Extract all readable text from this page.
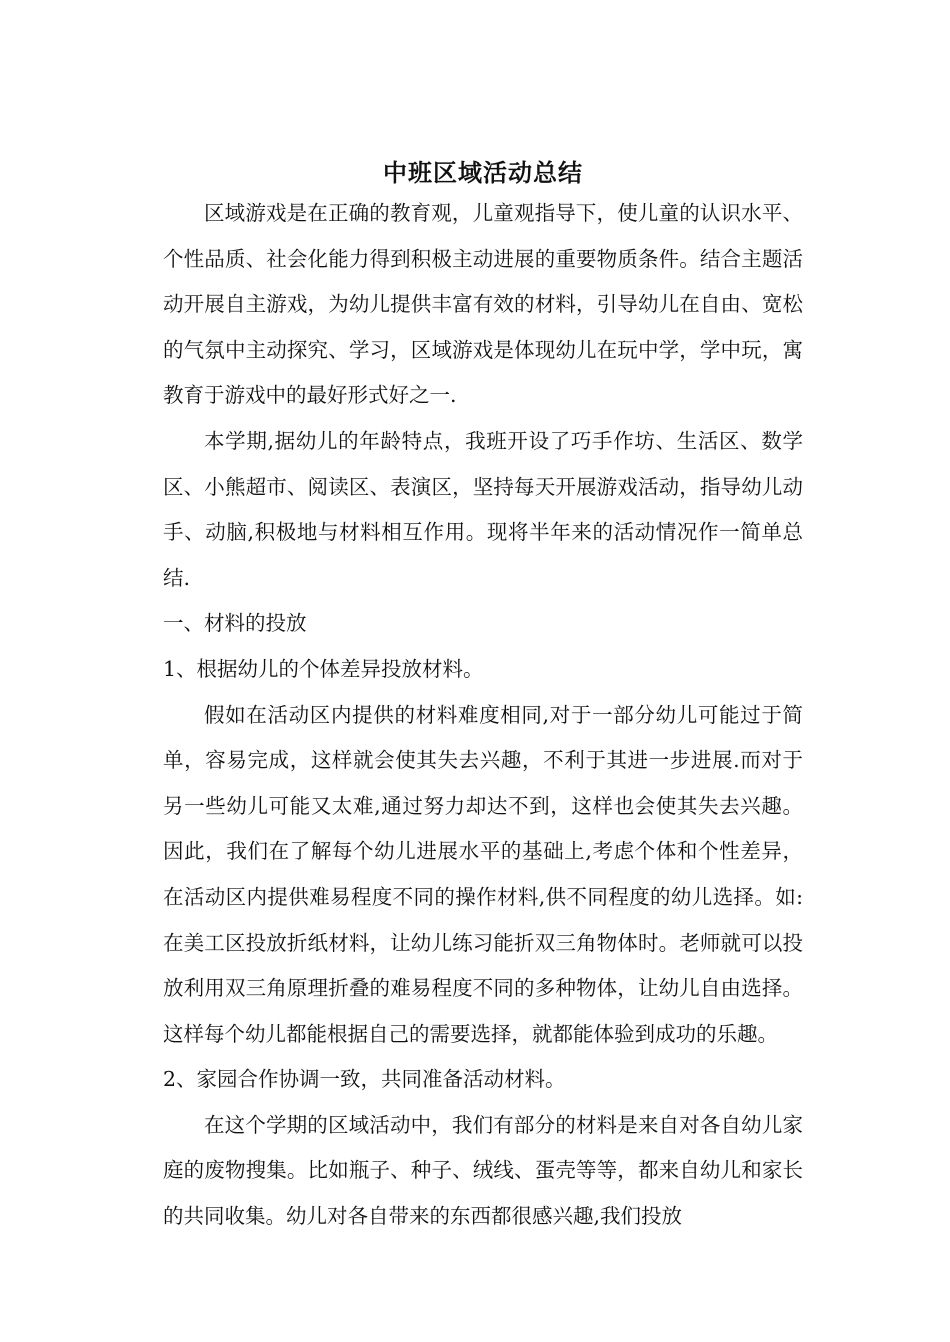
中班区域活动总结

区域游戏是在正确的教育观，儿童观指导下，使儿童的认识水平、个性品质、社会化能力得到积极主动进展的重要物质条件。结合主题活动开展自主游戏，为幼儿提供丰富有效的材料，引导幼儿在自由、宽松的气氛中主动探究、学习，区域游戏是体现幼儿在玩中学，学中玩，寓教育于游戏中的最好形式好之一.

本学期,据幼儿的年龄特点，我班开设了巧手作坊、生活区、数学区、小熊超市、阅读区、表演区，坚持每天开展游戏活动，指导幼儿动手、动脑,积极地与材料相互作用。现将半年来的活动情况作一简单总结.

一、材料的投放

1、根据幼儿的个体差异投放材料。

假如在活动区内提供的材料难度相同,对于一部分幼儿可能过于简单，容易完成，这样就会使其失去兴趣，不利于其进一步进展.而对于另一些幼儿可能又太难,通过努力却达不到，这样也会使其失去兴趣。因此，我们在了解每个幼儿进展水平的基础上,考虑个体和个性差异，在活动区内提供难易程度不同的操作材料,供不同程度的幼儿选择。如:在美工区投放折纸材料，让幼儿练习能折双三角物体时。老师就可以投放利用双三角原理折叠的难易程度不同的多种物体，让幼儿自由选择。这样每个幼儿都能根据自己的需要选择，就都能体验到成功的乐趣。

2、家园合作协调一致，共同准备活动材料。

在这个学期的区域活动中，我们有部分的材料是来自对各自幼儿家庭的废物搜集。比如瓶子、种子、绒线、蛋壳等等，都来自幼儿和家长的共同收集。幼儿对各自带来的东西都很感兴趣,我们投放
